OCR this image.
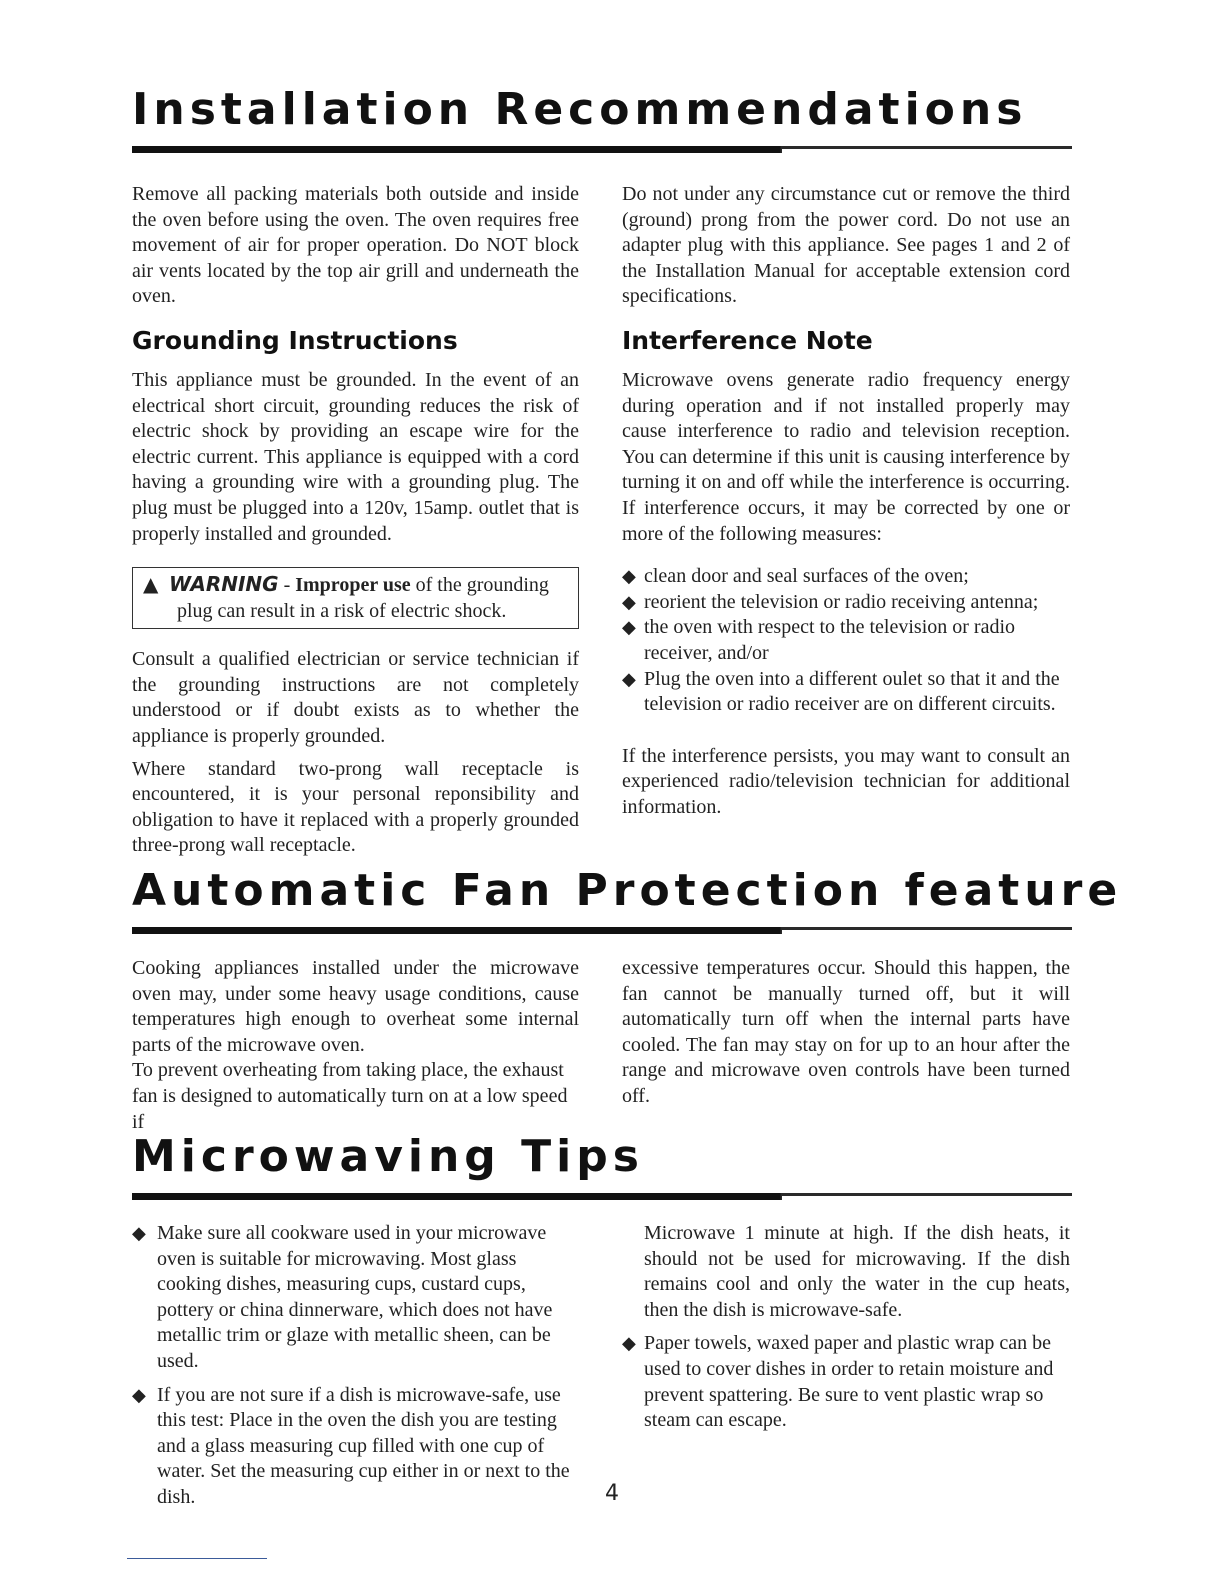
Installation Recommendations

Remove all packing materials both outside and inside the oven before using the oven. The oven requires free movement of air for proper operation. Do NOT block air vents located by the top air grill and underneath the oven.

Grounding Instructions

This appliance must be grounded. In the event of an electrical short circuit, grounding reduces the risk of electric shock by providing an escape wire for the electric current. This appliance is equipped with a cord having a grounding wire with a grounding plug. The plug must be plugged into a 120v, 15amp. outlet that is properly installed and grounded.

▲ WARNING - Improper use of the grounding
plug can result in a risk of electric shock.

Consult a qualified electrician or service technician if the grounding instructions are not completely understood or if doubt exists as to whether the appliance is properly grounded.

Where standard two-prong wall receptacle is encountered, it is your personal reponsibility and obligation to have it replaced with a properly grounded three-prong wall receptacle.

Do not under any circumstance cut or remove the third (ground) prong from the power cord. Do not use an adapter plug with this appliance. See pages 1 and 2 of the Installation Manual for acceptable extension cord specifications.

Interference Note

Microwave ovens generate radio frequency energy during operation and if not installed properly may cause interference to radio and television reception. You can determine if this unit is causing interference by turning it on and off while the interference is occurring. If interference occurs, it may be corrected by one or more of the following measures:

◆ clean door and seal surfaces of the oven;
◆ reorient the television or radio receiving antenna;
◆ the oven with respect to the television or radio receiver, and/or
◆ Plug the oven into a different oulet so that it and the television or radio receiver are on different circuits.

If the interference persists, you may want to consult an experienced radio/television technician for additional information.

Automatic Fan Protection feature

Cooking appliances installed under the microwave oven may, under some heavy usage conditions, cause temperatures high enough to overheat some internal parts of the microwave oven.

To prevent overheating from taking place, the exhaust fan is designed to automatically turn on at a low speed if

excessive temperatures occur. Should this happen, the fan cannot be manually turned off, but it will automatically turn off when the internal parts have cooled. The fan may stay on for up to an hour after the range and microwave oven controls have been turned off.

Microwaving Tips
◆ Make sure all cookware used in your microwave oven is suitable for microwaving. Most glass cooking dishes, measuring cups, custard cups, pottery or china dinnerware, which does not have metallic trim or glaze with metallic sheen, can be used.
◆ If you are not sure if a dish is microwave-safe, use this test: Place in the oven the dish you are testing and a glass measuring cup filled with one cup of water. Set the measuring cup either in or next to the dish.

Microwave 1 minute at high. If the dish heats, it should not be used for microwaving. If the dish remains cool and only the water in the cup heats, then the dish is microwave-safe.

◆ Paper towels, waxed paper and plastic wrap can be used to cover dishes in order to retain moisture and prevent spattering. Be sure to vent plastic wrap so steam can escape.
4
